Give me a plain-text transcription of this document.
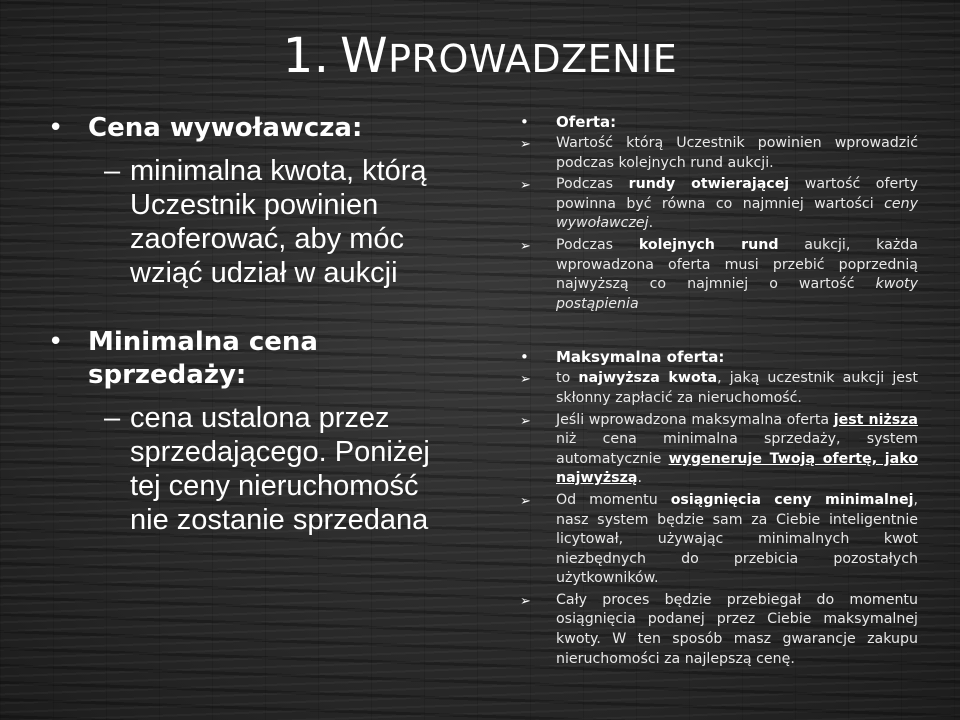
1. WPROWADZENIE
• Cena wywoławcza:
– minimalna kwota, którą Uczestnik powinien zaoferować, aby móc wziąć udział w aukcji
• Minimalna cena sprzedaży:
– cena ustalona przez sprzedającego. Poniżej tej ceny nieruchomość nie zostanie sprzedana
•	Oferta:
➢	Wartość którą Uczestnik powinien wprowadzić podczas kolejnych rund aukcji.
➢	Podczas rundy otwierającej wartość oferty powinna być równa co najmniej wartości ceny wywoławczej.
➢	Podczas kolejnych rund aukcji, każda wprowadzona oferta musi przebić poprzednią najwyższą co najmniej o wartość kwoty postąpienia
•	Maksymalna oferta:
➢	to najwyższa kwota, jaką uczestnik aukcji jest skłonny zapłacić za nieruchomość.
➢	Jeśli wprowadzona maksymalna oferta jest niższa niż cena minimalna sprzedaży, system automatycznie wygeneruje Twoją ofertę, jako najwyższą.
➢	Od momentu osiągnięcia ceny minimalnej, nasz system będzie sam za Ciebie inteligentnie licytował, używając minimalnych kwot niezbędnych do przebicia pozostałych użytkowników.
➢	Cały proces będzie przebiegał do momentu osiągnięcia podanej przez Ciebie maksymalnej kwoty. W ten sposób masz gwarancje zakupu nieruchomości za najlepszą cenę.
